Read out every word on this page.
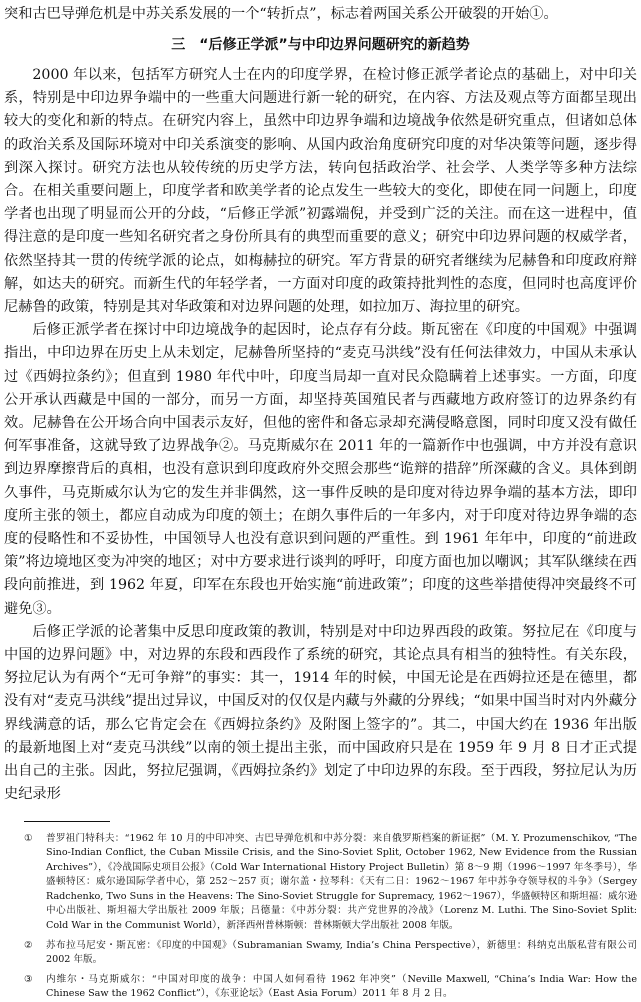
突和古巴导弹危机是中苏关系发展的一个“转折点”，标志着两国关系公开破裂的开始①。
三　“后修正学派”与中印边界问题研究的新趋势

2000 年以来，包括军方研究人士在内的印度学界，在检讨修正派学者论点的基础上，对中印关系，特别是中印边界争端中的一些重大问题进行新一轮的研究，在内容、方法及观点等方面都呈现出较大的变化和新的特点。在研究内容上，虽然中印边界争端和边境战争依然是研究重点，但诸如总体的政治关系及国际环境对中印关系演变的影响、从国内政治角度研究印度的对华决策等问题，逐步得到深入探讨。研究方法也从较传统的历史学方法，转向包括政治学、社会学、人类学等多种方法综合。在相关重要问题上，印度学者和欧美学者的论点发生一些较大的变化，即使在同一问题上，印度学者也出现了明显而公开的分歧，“后修正学派”初露端倪，并受到广泛的关注。而在这一进程中，值得注意的是印度一些知名研究者之身份所具有的典型而重要的意义；研究中印边界问题的权威学者，依然坚持其一贯的传统学派的论点，如梅赫拉的研究。军方背景的研究者继续为尼赫鲁和印度政府辩解，如达夫的研究。而新生代的年轻学者，一方面对印度的政策持批判性的态度，但同时也高度评价尼赫鲁的政策，特别是其对华政策和对边界问题的处理，如拉加万、海拉里的研究。

后修正派学者在探讨中印边境战争的起因时，论点存有分歧。斯瓦密在《印度的中国观》中强调指出，中印边界在历史上从未划定，尼赫鲁所坚持的“麦克马洪线”没有任何法律效力，中国从未承认过《西姆拉条约》；但直到 1980 年代中叶，印度当局却一直对民众隐瞒着上述事实。一方面，印度公开承认西藏是中国的一部分，而另一方面，却坚持英国殖民者与西藏地方政府签订的边界条约有效。尼赫鲁在公开场合向中国表示友好，但他的密件和备忘录却充满侵略意图，同时印度又没有做任何军事准备，这就导致了边界战争②。马克斯威尔在 2011 年的一篇新作中也强调，中方并没有意识到边界摩擦背后的真相，也没有意识到印度政府外交照会那些“诡辩的措辞”所深藏的含义。具体到朗久事件，马克斯威尔认为它的发生并非偶然，这一事件反映的是印度对待边界争端的基本方法，即印度所主张的领土，都应自动成为印度的领土；在朗久事件后的一年多内，对于印度对待边界争端的态度的侵略性和不妥协性，中国领导人也没有意识到问题的严重性。到 1961 年年中，印度的“前进政策”将边境地区变为冲突的地区；对中方要求进行谈判的呼吁，印度方面也加以嘲讽；其军队继续在西段向前推进，到 1962 年夏，印军在东段也开始实施“前进政策”；印度的这些举措使得冲突最终不可避免③。

后修正学派的论著集中反思印度政策的教训，特别是对中印边界西段的政策。努拉尼在《印度与中国的边界问题》中，对边界的东段和西段作了系统的研究，其论点具有相当的独特性。有关东段，努拉尼认为有两个“无可争辩”的事实：其一，1914 年的时候，中国无论是在西姆拉还是在德里，都没有对“麦克马洪线”提出过异议，中国反对的仅仅是内藏与外藏的分界线；“如果中国当时对内外藏分界线满意的话，那么它肯定会在《西姆拉条约》及附图上签字的”。其二，中国大约在 1936 年出版的最新地图上对“麦克马洪线”以南的领土提出主张，而中国政府只是在 1959 年 9 月 8 日才正式提出自己的主张。因此，努拉尼强调，《西姆拉条约》划定了中印边界的东段。至于西段，努拉尼认为历史纪录形

①	普罗祖门特科夫：“1962 年 10 月的中印冲突、古巴导弹危机和中苏分裂：来自俄罗斯档案的新证据”（M. Y. Prozumenschikov, “The Sino-Indian Conflict, the Cuban Missile Crisis, and the Sino-Soviet Split, October 1962, New Evidence from the Russian Archives”），《冷战国际史项目公报》（Cold War International History Project Bulletin）第 8～9 期（1996～1997 年冬季号），华盛顿特区：威尔逊国际学者中心，第 252～257 页；谢尔盖・拉琴科：《天有二日：1962～1967 年中苏争夺领导权的斗争》（Sergey Radchenko, Two Suns in the Heavens: The Sino-Soviet Struggle for Supremacy, 1962～1967），华盛顿特区和斯坦福：威尔逊中心出版社、斯坦福大学出版社 2009 年版；吕德量：《中苏分裂：共产党世界的冷战》（Lorenz M. Luthi. The Sino-Soviet Split: Cold War in the Communist World），新泽西州普林斯顿：普林斯顿大学出版社 2008 年版。
②	苏布拉马尼安・斯瓦密：《印度的中国观》（Subramanian Swamy, India’s China Perspective），新德里：科纳克出版私营有限公司 2002 年版。
③	内维尔・马克斯威尔：“中国对印度的战争：中国人如何看待 1962 年冲突”（Neville Maxwell, “China’s India War: How the Chinese Saw the 1962 Conflict”），《东亚论坛》（East Asia Forum）2011 年 8 月 2 日。
